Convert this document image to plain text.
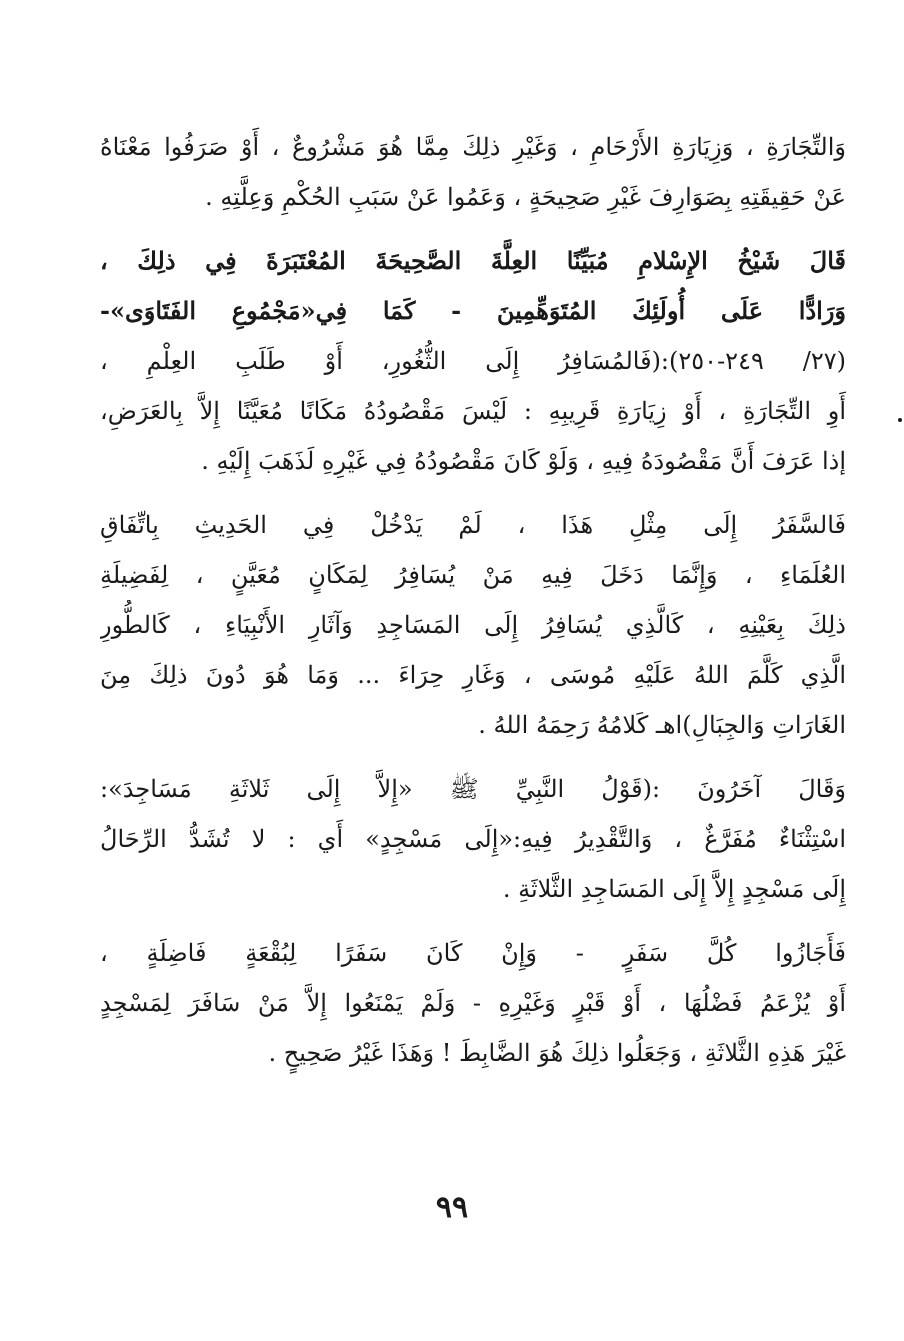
وَالتِّجَارَةِ ، وَزِيَارَةِ الأَرْحَامِ ، وَغَيْرِ ذلِكَ مِمَّا هُوَ مَشْرُوعٌ ، أَوْ صَرَفُوا مَعْنَاهُ
عَنْ حَقِيقَتِهِ بِصَوَارِفَ غَيْرِ صَحِيحَةٍ ، وَعَمُوا عَنْ سَبَبِ الحُكْمِ وَعِلَّتِهِ .
قَالَ شَيْخُ الإِسْلامِ مُبَيِّنًا العِلَّةَ الصَّحِيحَةَ المُعْتَبَرَةَ فِي ذلِكَ ،
وَرَادًّا عَلَى أُولَئِكَ المُتَوَهِّمِينَ - كَمَا فِي«مَجْمُوعِ الفَتَاوَى»-
(٢٧/ ٢٤٩-٢٥٠):(فَالمُسَافِرُ إِلَى الثُّغُورِ، أَوْ طَلَبِ العِلْمِ ،
أَوِ التِّجَارَةِ ، أَوْ زِيَارَةِ قَرِيبِهِ : لَيْسَ مَقْصُودُهُ مَكَانًا مُعَيَّنًا إِلاَّ بِالعَرَضِ،
إذا عَرَفَ أَنَّ مَقْصُودَهُ فِيهِ ، وَلَوْ كَانَ مَقْصُودُهُ فِي غَيْرِهِ لَذَهَبَ إِلَيْهِ .
فَالسَّفَرُ إِلَى مِثْلِ هَذَا ، لَمْ يَدْخُلْ فِي الحَدِيثِ بِاتِّفَاقِ
العُلَمَاءِ ، وَإِنَّمَا دَخَلَ فِيهِ مَنْ يُسَافِرُ لِمَكَانٍ مُعَيَّنٍ ، لِفَضِيلَةِ
ذلِكَ بِعَيْنِهِ ، كَالَّذِي يُسَافِرُ إِلَى المَسَاجِدِ وَآثَارِ الأَنْبِيَاءِ ، كَالطُّورِ
الَّذِي كَلَّمَ اللهُ عَلَيْهِ مُوسَى ، وَغَارِ حِرَاءَ ... وَمَا هُوَ دُونَ ذلِكَ مِنَ
الغَارَاتِ وَالجِبَالِ)اهـ كَلامُهُ رَحِمَهُ اللهُ .
وَقَالَ آخَرُونَ :(قَوْلُ النَّبِيِّ ﷺ «إِلاَّ إِلَى ثَلاثَةِ مَسَاجِدَ»:
اسْتِثْنَاءٌ مُفَرَّغٌ ، وَالتَّقْدِيرُ فِيهِ:«إِلَى مَسْجِدٍ» أَي : لا تُشَدُّ الرِّحَالُ
إِلَى مَسْجِدٍ إِلاَّ إِلَى المَسَاجِدِ الثَّلاثَةِ .
فَأَجَازُوا كُلَّ سَفَرٍ - وَإِنْ كَانَ سَفَرًا لِبُقْعَةٍ فَاضِلَةٍ ،
أَوْ يُزْعَمُ فَضْلُهَا ، أَوْ قَبْرٍ وَغَيْرِهِ - وَلَمْ يَمْنَعُوا إِلاَّ مَنْ سَافَرَ لِمَسْجِدٍ
غَيْرَ هَذِهِ الثَّلاثَةِ ، وَجَعَلُوا ذلِكَ هُوَ الضَّابِطَ ! وَهَذَا غَيْرُ صَحِيحٍ .
٩٩
